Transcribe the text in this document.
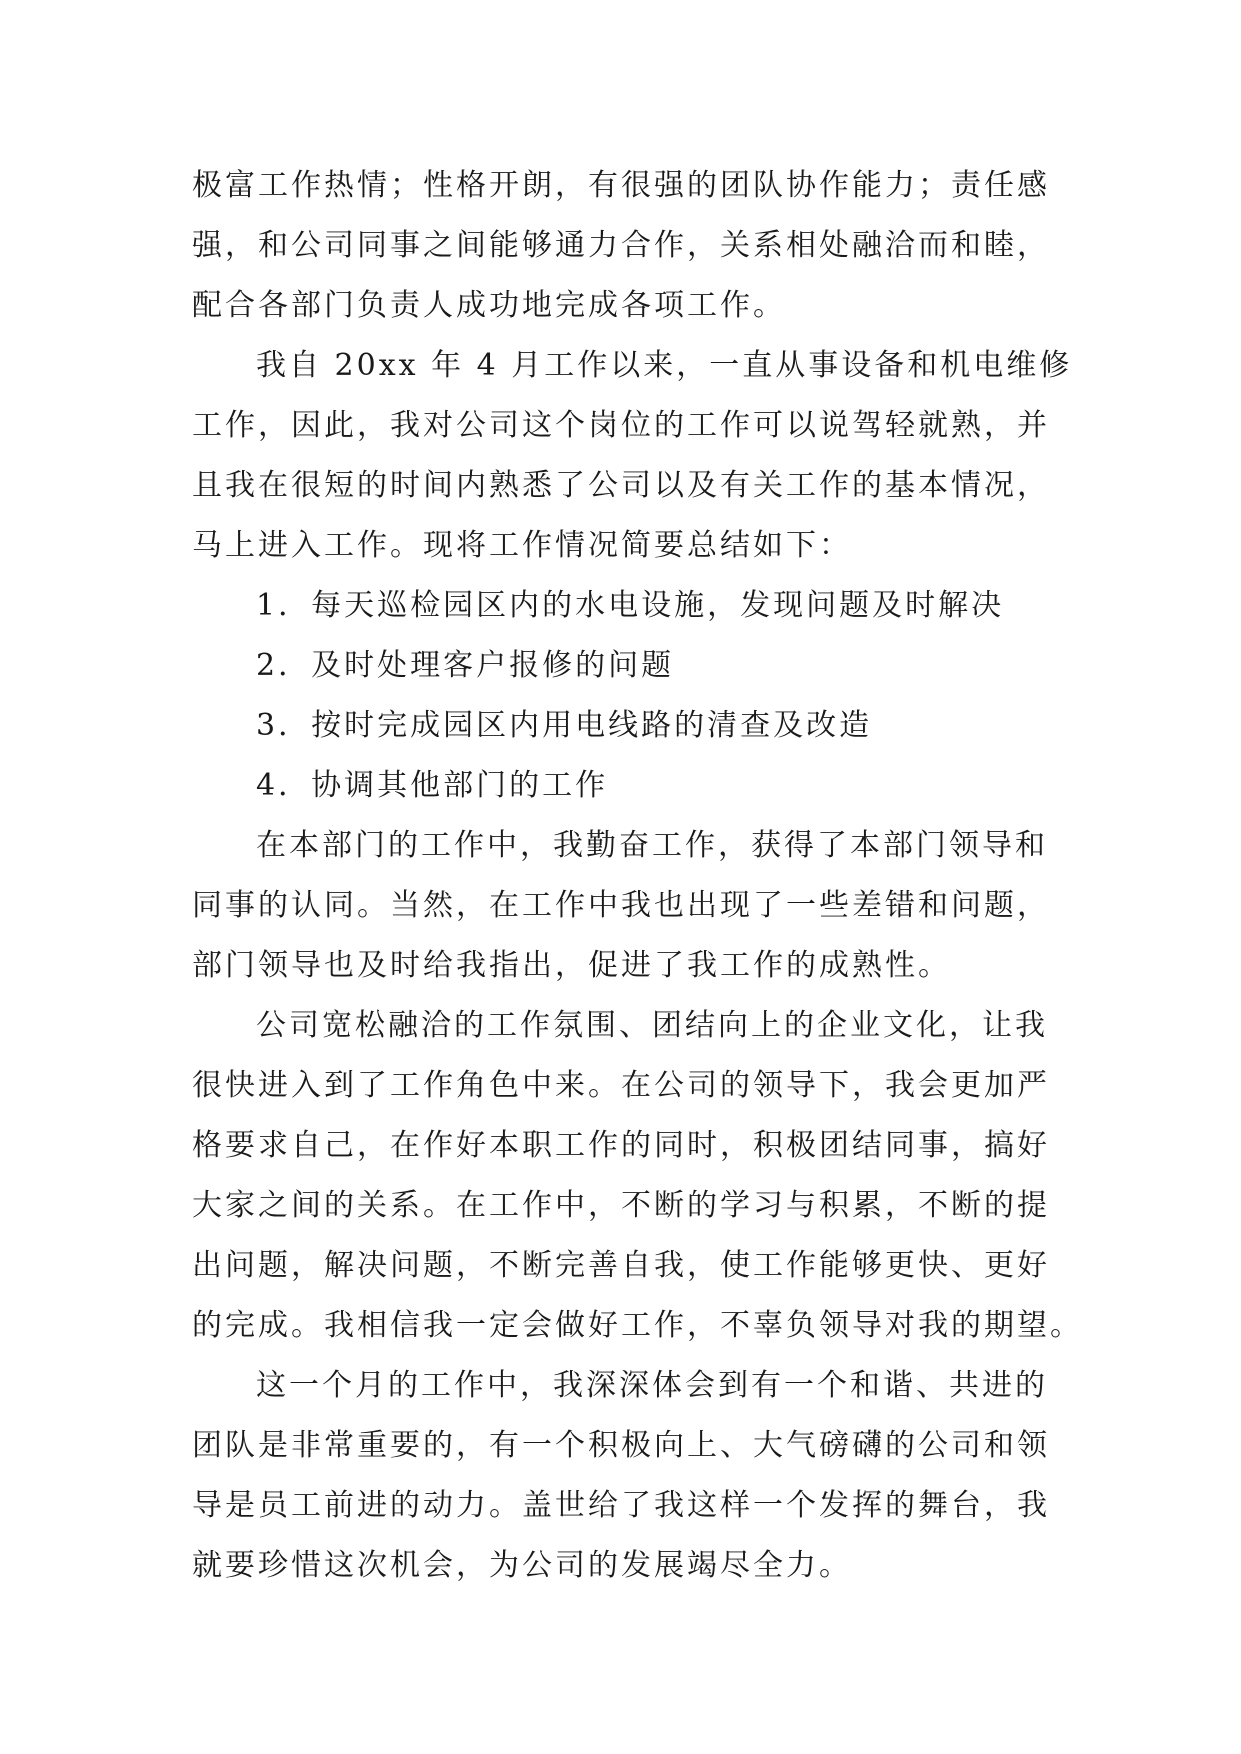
极富工作热情；性格开朗，有很强的团队协作能力；责任感
强，和公司同事之间能够通力合作，关系相处融洽而和睦，
配合各部门负责人成功地完成各项工作。
我自 20xx 年 4 月工作以来，一直从事设备和机电维修
工作，因此，我对公司这个岗位的工作可以说驾轻就熟，并
且我在很短的时间内熟悉了公司以及有关工作的基本情况，
马上进入工作。现将工作情况简要总结如下：
1．每天巡检园区内的水电设施，发现问题及时解决
2．及时处理客户报修的问题
3．按时完成园区内用电线路的清查及改造
4．协调其他部门的工作
在本部门的工作中，我勤奋工作，获得了本部门领导和
同事的认同。当然，在工作中我也出现了一些差错和问题，
部门领导也及时给我指出，促进了我工作的成熟性。
公司宽松融洽的工作氛围、团结向上的企业文化，让我
很快进入到了工作角色中来。在公司的领导下，我会更加严
格要求自己，在作好本职工作的同时，积极团结同事，搞好
大家之间的关系。在工作中，不断的学习与积累，不断的提
出问题，解决问题，不断完善自我，使工作能够更快、更好
的完成。我相信我一定会做好工作，不辜负领导对我的期望。
这一个月的工作中，我深深体会到有一个和谐、共进的
团队是非常重要的，有一个积极向上、大气磅礴的公司和领
导是员工前进的动力。盖世给了我这样一个发挥的舞台，我
就要珍惜这次机会，为公司的发展竭尽全力。
